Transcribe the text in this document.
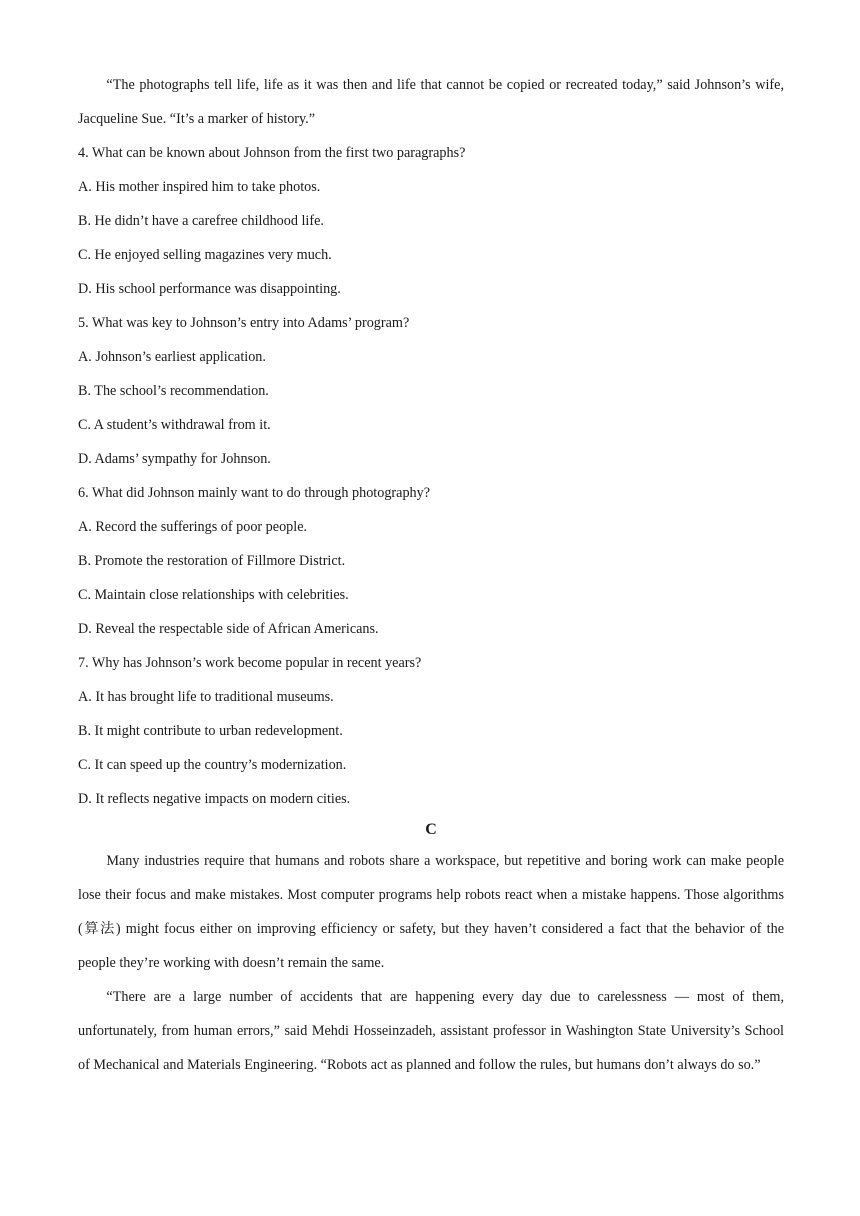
“The photographs tell life, life as it was then and life that cannot be copied or recreated today,” said Johnson’s wife, Jacqueline Sue. “It’s a marker of history.”

4. What can be known about Johnson from the first two paragraphs?

A. His mother inspired him to take photos.

B. He didn’t have a carefree childhood life.

C. He enjoyed selling magazines very much.

D. His school performance was disappointing.

5. What was key to Johnson’s entry into Adams’ program?

A. Johnson’s earliest application.

B. The school’s recommendation.

C. A student’s withdrawal from it.

D. Adams’ sympathy for Johnson.

6. What did Johnson mainly want to do through photography?

A. Record the sufferings of poor people.

B. Promote the restoration of Fillmore District.

C. Maintain close relationships with celebrities.

D. Reveal the respectable side of African Americans.

7. Why has Johnson’s work become popular in recent years?

A. It has brought life to traditional museums.

B. It might contribute to urban redevelopment.

C. It can speed up the country’s modernization.

D. It reflects negative impacts on modern cities.

C

Many industries require that humans and robots share a workspace, but repetitive and boring work can make people lose their focus and make mistakes. Most computer programs help robots react when a mistake happens. Those algorithms (算法) might focus either on improving efficiency or safety, but they haven’t considered a fact that the behavior of the people they’re working with doesn’t remain the same.

“There are a large number of accidents that are happening every day due to carelessness — most of them, unfortunately, from human errors,” said Mehdi Hosseinzadeh, assistant professor in Washington State University’s School of Mechanical and Materials Engineering. “Robots act as planned and follow the rules, but humans don’t always do so.”
